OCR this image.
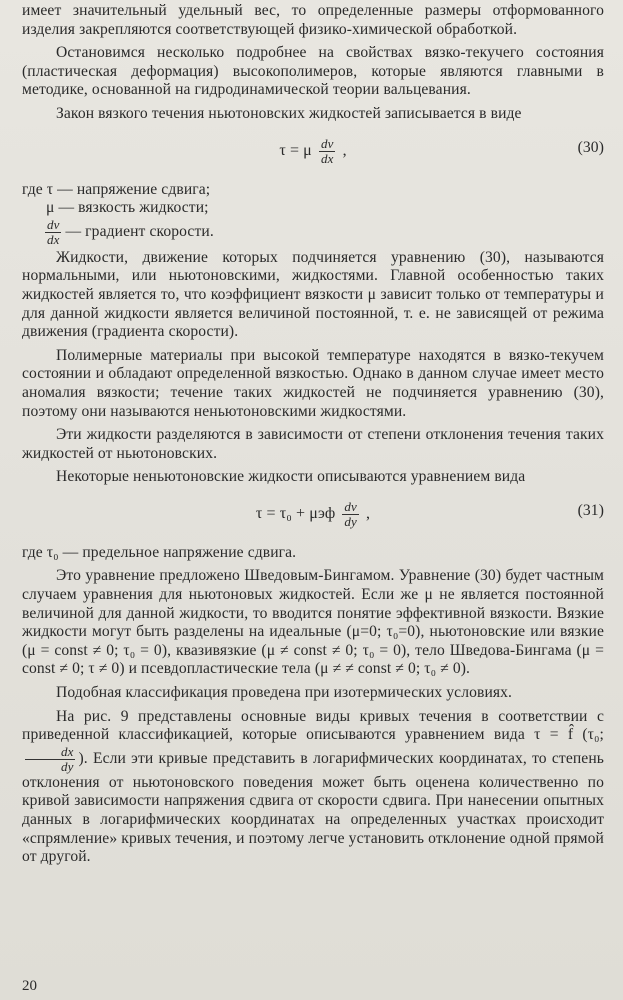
имеет значительный удельный вес, то определенные размеры отформованного изделия закрепляются соответствующей физико-химической обработкой.

Остановимся несколько подробнее на свойствах вязко-текучего состояния (пластическая деформация) высокополимеров, которые являются главными в методике, основанной на гидродинамической теории вальцевания.

Закон вязкого течения ньютоновских жидкостей записывается в виде

τ = μ $\frac{dv}{dx}$ ,	(30)

где τ — напряжение сдвига;

μ — вязкость жидкости;

$\frac{dv}{dx}$ — градиент скорости.

Жидкости, движение которых подчиняется уравнению (30), называются нормальными, или ньютоновскими, жидкостями. Главной особенностью таких жидкостей является то, что коэффициент вязкости μ зависит только от температуры и для данной жидкости является величиной постоянной, т. е. не зависящей от режима движения (градиента скорости).

Полимерные материалы при высокой температуре находятся в вязко-текучем состоянии и обладают определенной вязкостью. Однако в данном случае имеет место аномалия вязкости; течение таких жидкостей не подчиняется уравнению (30), поэтому они называются неньютоновскими жидкостями.

Эти жидкости разделяются в зависимости от степени отклонения течения таких жидкостей от ньютоновских.

Некоторые неньютоновские жидкости описываются уравнением вида

τ = τ₀ + μэф $\frac{dv}{dy}$ ,	(31)

где τ₀ — предельное напряжение сдвига.

Это уравнение предложено Шведовым-Бингамом. Уравнение (30) будет частным случаем уравнения для ньютоновых жидкостей. Если же μ не является постоянной величиной для данной жидкости, то вводится понятие эффективной вязкости. Вязкие жидкости могут быть разделены на идеальные (μ=0; τ₀=0), ньютоновские или вязкие (μ = const ≠ 0; τ₀ = 0), квазивязкие (μ ≠ const ≠ 0; τ₀ = 0), тело Шведова-Бингама (μ = const ≠ 0; τ ≠ 0) и псевдопластические тела (μ ≠ ≠ const ≠ 0; τ₀ ≠ 0).

Подобная классификация проведена при изотермических условиях.

На рис. 9 представлены основные виды кривых течения в соответствии с приведенной классификацией, которые описываются уравнением вида τ = f̂ (τ₀;
$\frac{dx}{dy}$ ). Если эти кривые представить в логарифмических координатах, то степень отклонения от ньютоновского поведения может быть оценена количественно по кривой зависимости напряжения сдвига от скорости сдвига. При нанесении опытных данных в логарифмических координатах на определенных участках происходит «спрямление» кривых течения, и поэтому легче установить отклонение одной прямой от другой.

20
